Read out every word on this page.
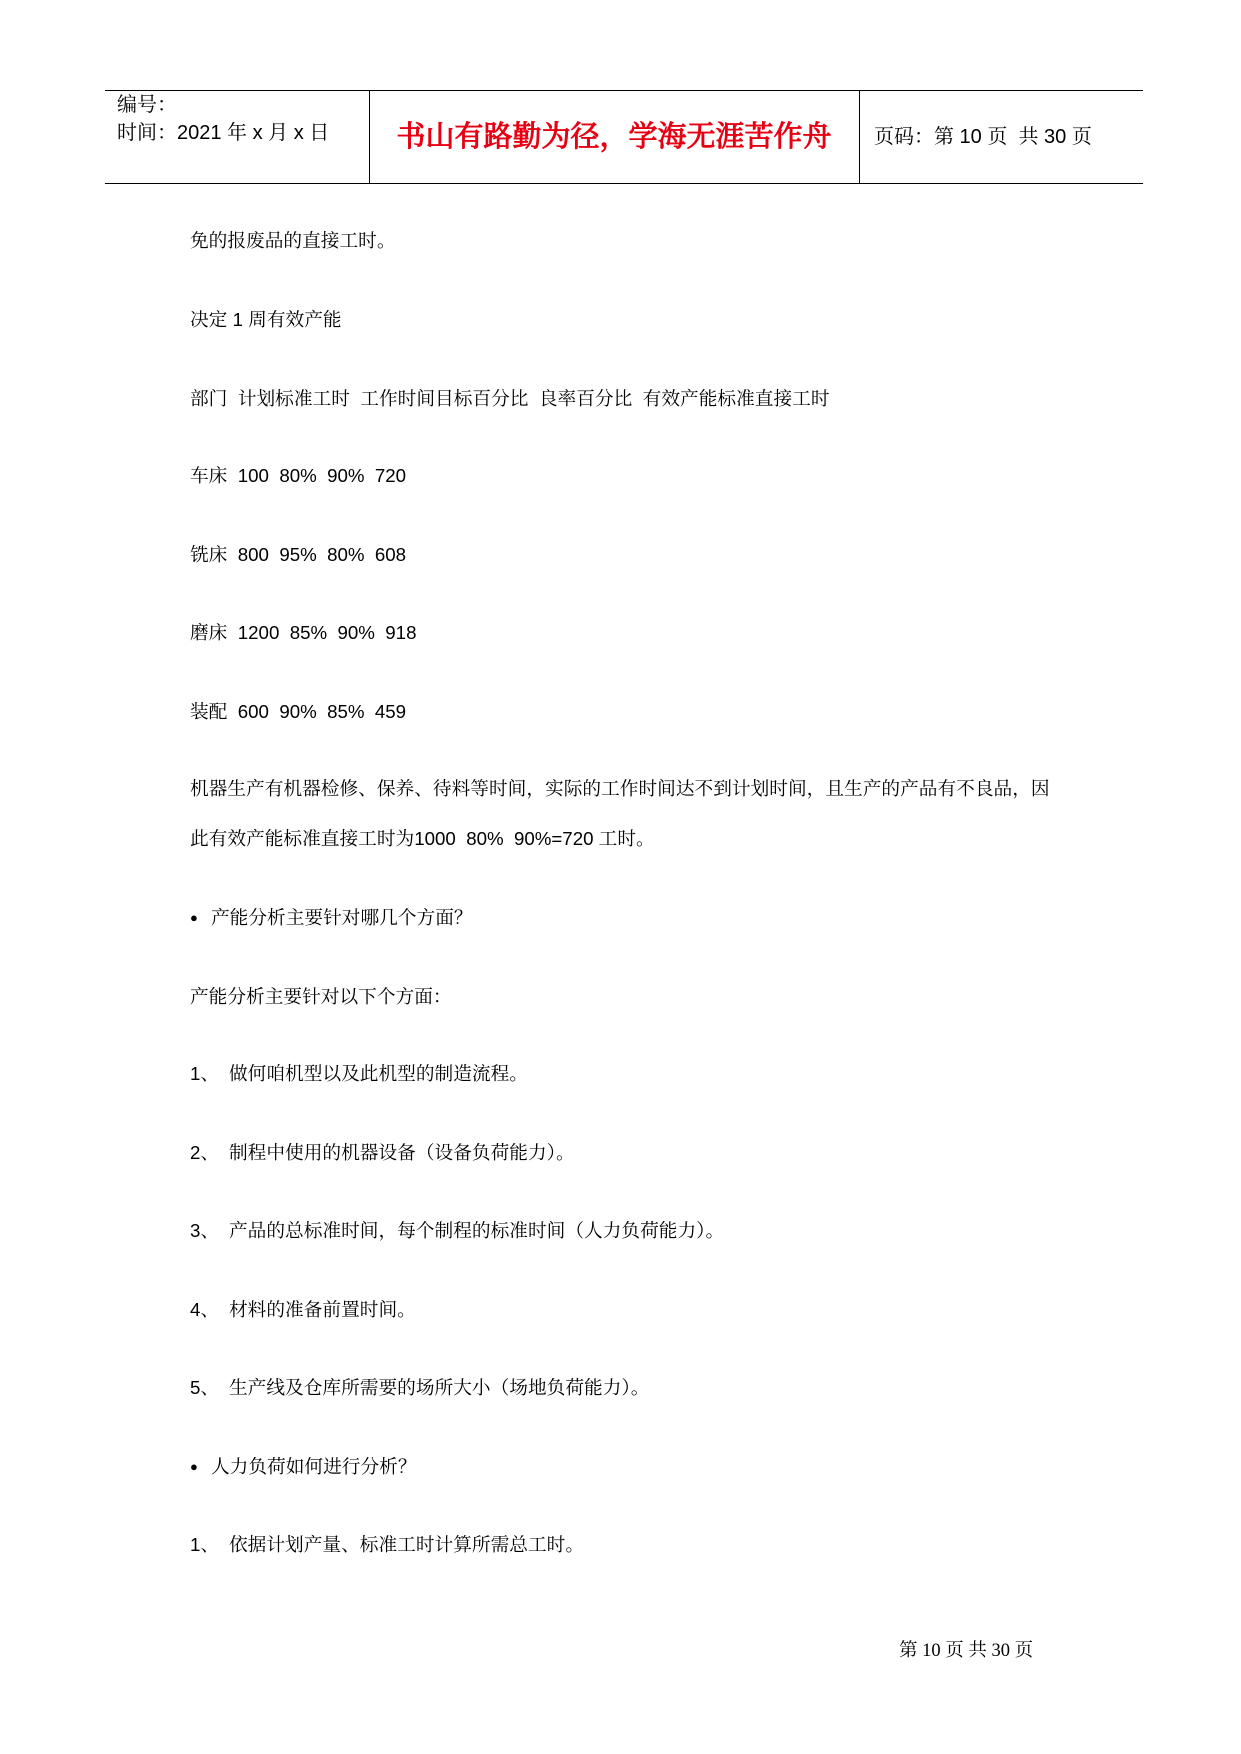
编号：
时间：2021 年 x 月 x 日	书山有路勤为径，学海无涯苦作舟	页码：第 10 页  共 30 页
免的报废品的直接工时。
决定 1 周有效产能
部门  计划标准工时  工作时间目标百分比  良率百分比  有效产能标准直接工时
车床  100  80%  90%  720
铣床  800  95%  80%  608
磨床  1200  85%  90%  918
装配  600  90%  85%  459
机器生产有机器检修、保养、待料等时间，实际的工作时间达不到计划时间，且生产的产品有不良品，因
此有效产能标准直接工时为1000  80%  90%=720 工时。
● 产能分析主要针对哪几个方面？
产能分析主要针对以下个方面：
1、 做何咱机型以及此机型的制造流程。
2、 制程中使用的机器设备（设备负荷能力）。
3、 产品的总标准时间，每个制程的标准时间（人力负荷能力）。
4、 材料的准备前置时间。
5、 生产线及仓库所需要的场所大小（场地负荷能力）。
● 人力负荷如何进行分析？
1、 依据计划产量、标准工时计算所需总工时。
第 10 页 共 30 页
